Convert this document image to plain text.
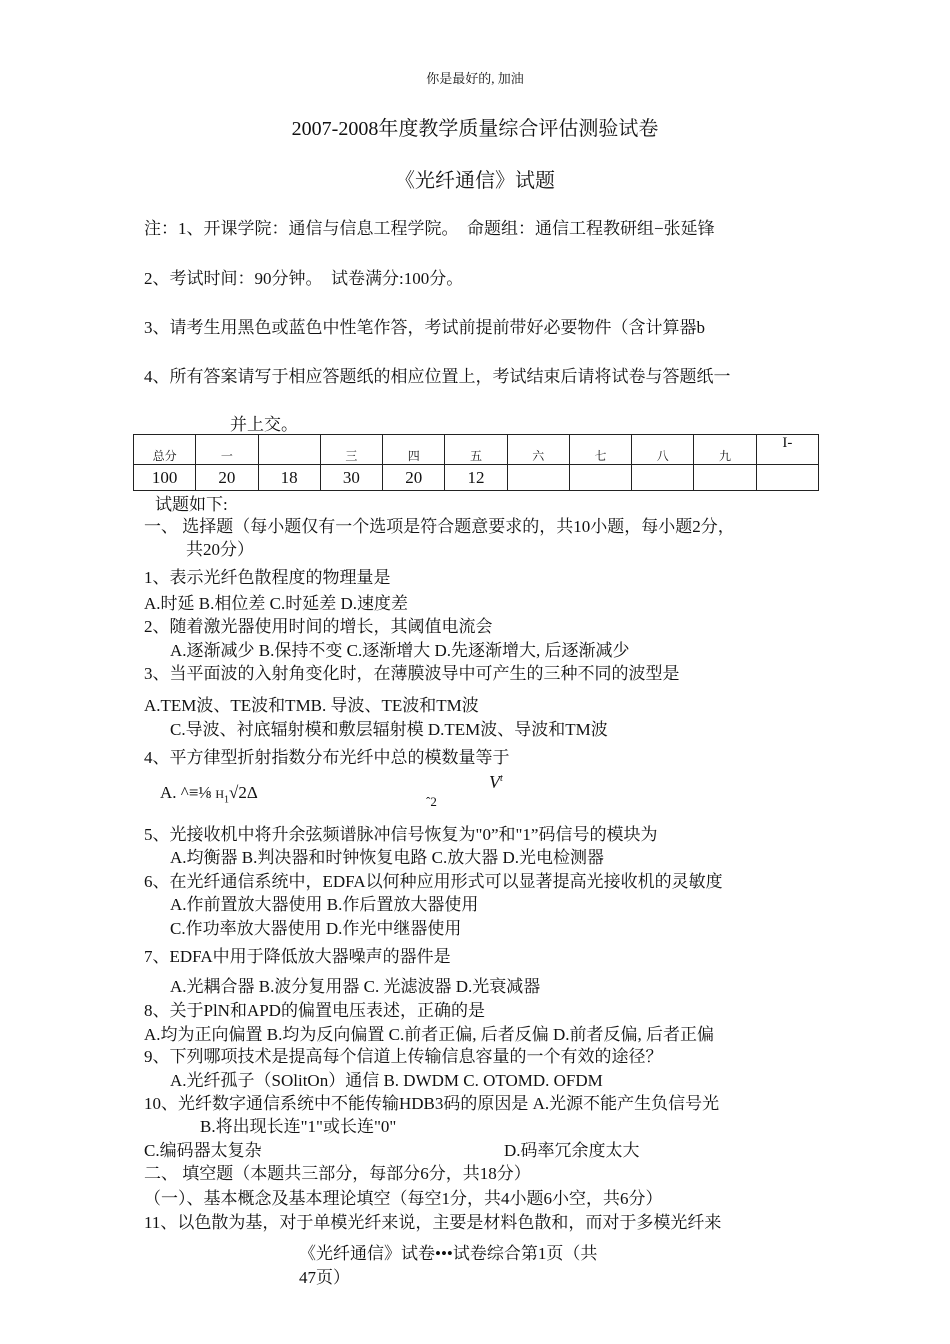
你是最好的, 加油
2007-2008年度教学质量综合评估测验试卷
《光纤通信》试题
注：1、开课学院：通信与信息工程学院。　命题组：通信工程教研组−张延锋
2、考试时间：90分钟。　试卷满分:100分。
3、请考生用黑色或蓝色中性笔作答，考试前提前带好必要物件（含计算器b
4、所有答案请写于相应答题纸的相应位置上，考试结束后请将试卷与答题纸一
并上交。
总分	一		三	四	五	六	七	八	九	I-
100	20	18	30	20	12					
试题如下:
一、 选择题（每小题仅有一个选项是符合题意要求的，共10小题，每小题2分，
共20分）
1、表示光纤色散程度的物理量是
A.时延 B.相位差 C.时延差 D.速度差
2、随着激光器使用时间的增长，其阈值电流会
A.逐渐减少 B.保持不变 C.逐渐增大 D.先逐渐增大, 后逐渐减少
3、当平面波的入射角变化时，在薄膜波导中可产生的三种不同的波型是
A.TEM波、TE波和TMB. 导波、TE波和TM波
C.导波、衬底辐射模和敷层辐射模 D.TEM波、导波和TM波
4、平方律型折射指数分布光纤中总的模数量等于
A. ^≡⅛ $H_1√2\Delta$	ˆ2
$V^t$
5、光接收机中将升余弦频谱脉冲信号恢复为"0”和"1”码信号的模块为
A.均衡器 B.判决器和时钟恢复电路 C.放大器 D.光电检测器
6、在光纤通信系统中，EDFA以何种应用形式可以显著提高光接收机的灵敏度
A.作前置放大器使用 B.作后置放大器使用
C.作功率放大器使用 D.作光中继器使用
7、EDFA中用于降低放大器噪声的器件是
A.光耦合器 B.波分复用器 C. 光滤波器 D.光衰减器
8、关于PlN和APD的偏置电压表述，正确的是
A.均为正向偏置 B.均为反向偏置 C.前者正偏, 后者反偏 D.前者反偏, 后者正偏
9、下列哪项技术是提高每个信道上传输信息容量的一个有效的途径？
A.光纤孤子（SOlitOn）通信 B. DWDM C. OTOMD. OFDM
10、光纤数字通信系统中不能传输HDB3码的原因是 A.光源不能产生负信号光
B.将出现长连"1"或长连"0"
C.编码器太复杂	D.码率冗余度太大
二、 填空题（本题共三部分，每部分6分，共18分）
（一）、基本概念及基本理论填空（每空1分，共4小题6小空，共6分）
11、以色散为基，对于单模光纤来说，主要是材料色散和，而对于多模光纤来
《光纤通信》试卷•••试卷综合第1页（共
47页）
